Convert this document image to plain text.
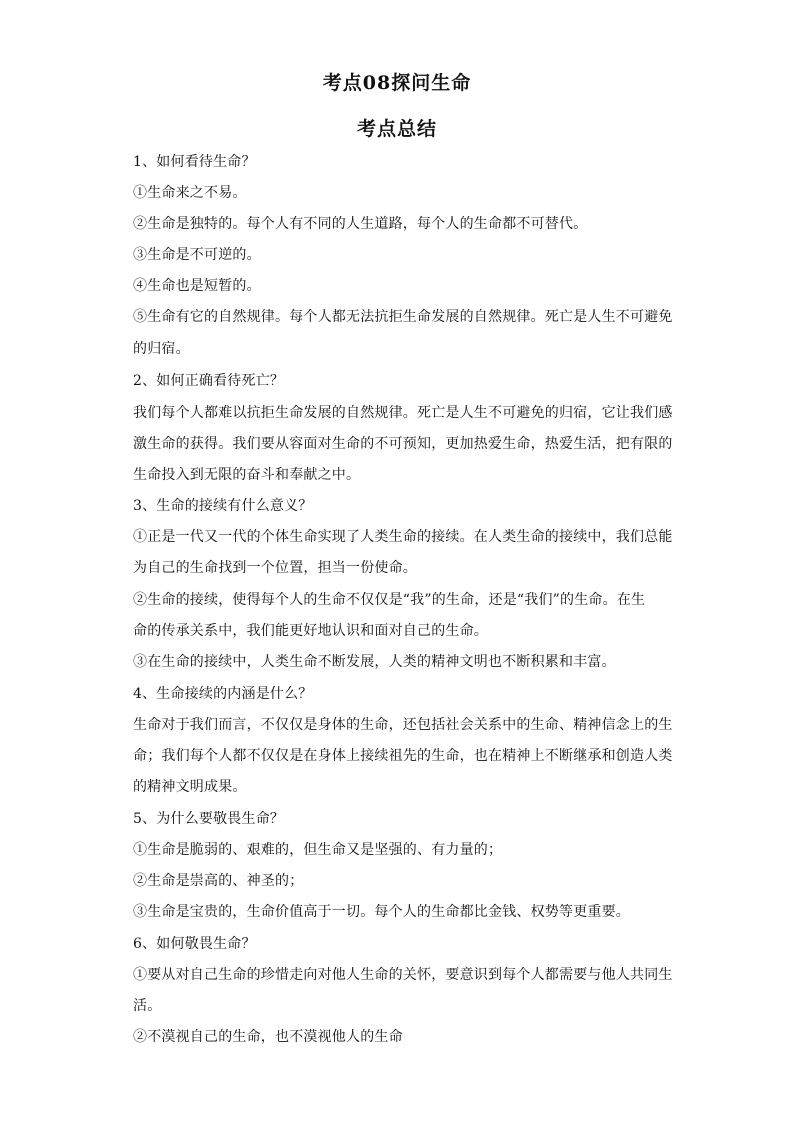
考点08探问生命
考点总结
1、如何看待生命？
①生命来之不易。
②生命是独特的。每个人有不同的人生道路，每个人的生命都不可替代。
③生命是不可逆的。
④生命也是短暂的。
⑤生命有它的自然规律。每个人都无法抗拒生命发展的自然规律。死亡是人生不可避免
的归宿。
2、如何正确看待死亡？
我们每个人都难以抗拒生命发展的自然规律。死亡是人生不可避免的归宿，它让我们感
激生命的获得。我们要从容面对生命的不可预知，更加热爱生命，热爱生活，把有限的
生命投入到无限的奋斗和奉献之中。
3、生命的接续有什么意义？
①正是一代又一代的个体生命实现了人类生命的接续。在人类生命的接续中，我们总能
为自己的生命找到一个位置，担当一份使命。
②生命的接续，使得每个人的生命不仅仅是“我”的生命，还是“我们”的生命。在生
命的传承关系中，我们能更好地认识和面对自己的生命。
③在生命的接续中，人类生命不断发展，人类的精神文明也不断积累和丰富。
4、生命接续的内涵是什么？
生命对于我们而言，不仅仅是身体的生命，还包括社会关系中的生命、精神信念上的生
命；我们每个人都不仅仅是在身体上接续祖先的生命，也在精神上不断继承和创造人类
的精神文明成果。
5、为什么要敬畏生命？
①生命是脆弱的、艰难的，但生命又是坚强的、有力量的；
②生命是崇高的、神圣的；
③生命是宝贵的，生命价值高于一切。每个人的生命都比金钱、权势等更重要。
6、如何敬畏生命？
①要从对自己生命的珍惜走向对他人生命的关怀，要意识到每个人都需要与他人共同生
活。
②不漠视自己的生命，也不漠视他人的生命
